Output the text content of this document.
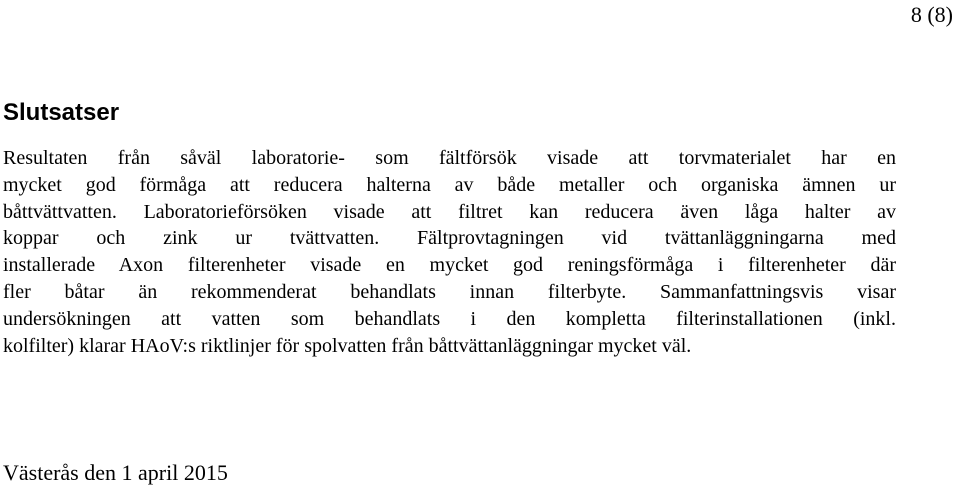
8 (8)
Slutsatser

Resultaten från såväl laboratorie- som fältförsök visade att torvmaterialet har en
mycket god förmåga att reducera halterna av både metaller och organiska ämnen ur
båttvättvatten. Laboratorieförsöken visade att filtret kan reducera även låga halter av
koppar och zink ur tvättvatten. Fältprovtagningen vid tvättanläggningarna med
installerade Axon filterenheter visade en mycket god reningsförmåga i filterenheter där
fler båtar än rekommenderat behandlats innan filterbyte. Sammanfattningsvis visar
undersökningen att vatten som behandlats i den kompletta filterinstallationen (inkl.
kolfilter) klarar HAoV:s riktlinjer för spolvatten från båttvättanläggningar mycket väl.

Västerås den 1 april 2015
